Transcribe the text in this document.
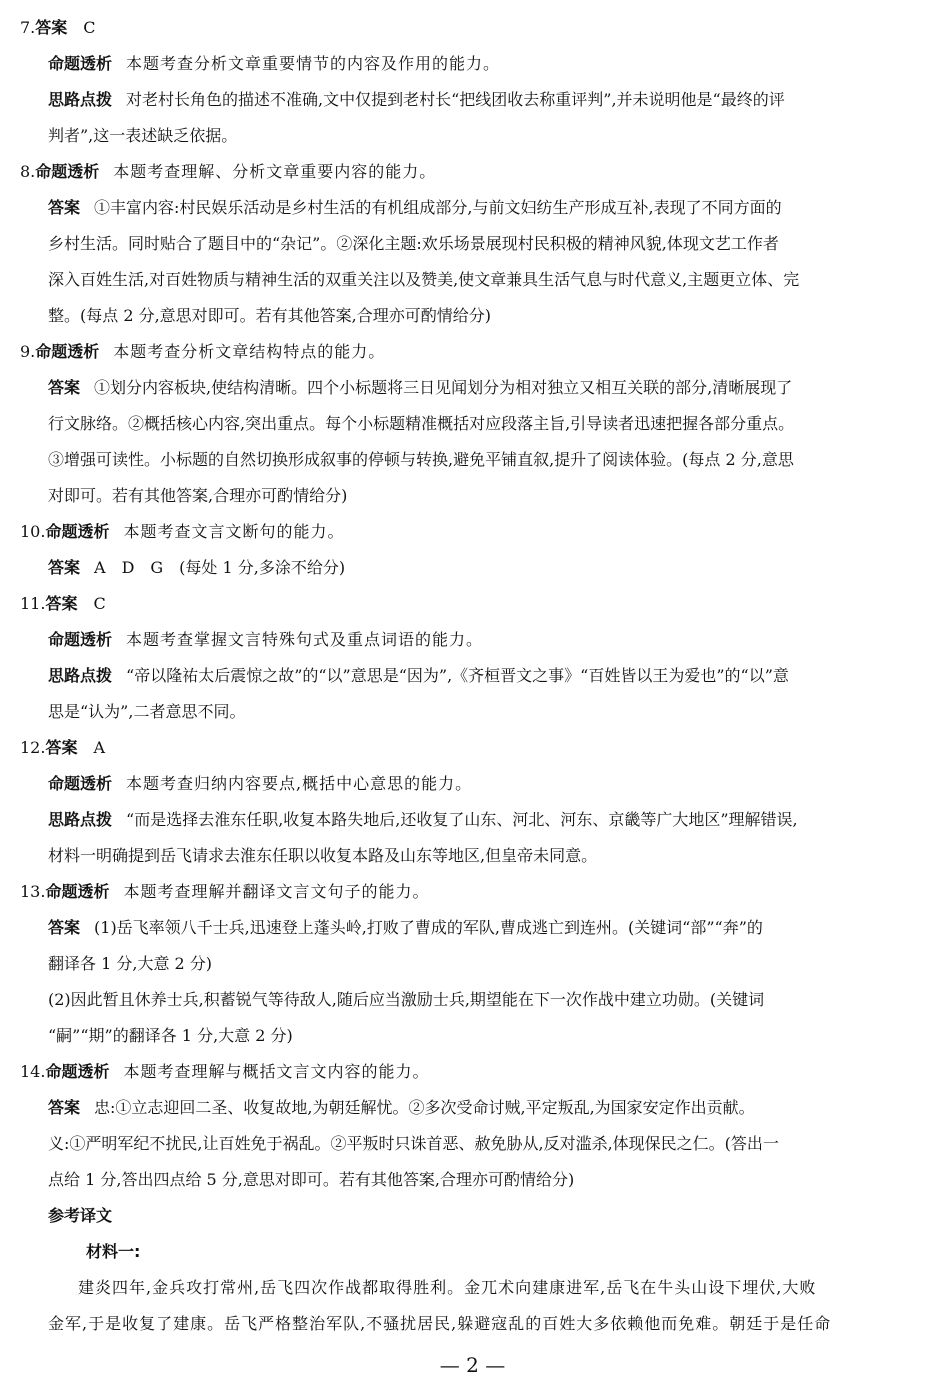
7.答案 C
命题透析 本题考查分析文章重要情节的内容及作用的能力。
思路点拨 对老村长角色的描述不准确,文中仅提到老村长“把线团收去称重评判”,并未说明他是“最终的评
判者”,这一表述缺乏依据。
8.命题透析 本题考查理解、分析文章重要内容的能力。
答案 ①丰富内容:村民娱乐活动是乡村生活的有机组成部分,与前文妇纺生产形成互补,表现了不同方面的
乡村生活。同时贴合了题目中的“杂记”。②深化主题:欢乐场景展现村民积极的精神风貌,体现文艺工作者
深入百姓生活,对百姓物质与精神生活的双重关注以及赞美,使文章兼具生活气息与时代意义,主题更立体、完
整。(每点 2 分,意思对即可。若有其他答案,合理亦可酌情给分)
9.命题透析 本题考查分析文章结构特点的能力。
答案 ①划分内容板块,使结构清晰。四个小标题将三日见闻划分为相对独立又相互关联的部分,清晰展现了
行文脉络。②概括核心内容,突出重点。每个小标题精准概括对应段落主旨,引导读者迅速把握各部分重点。
③增强可读性。小标题的自然切换形成叙事的停顿与转换,避免平铺直叙,提升了阅读体验。(每点 2 分,意思
对即可。若有其他答案,合理亦可酌情给分)
10.命题透析 本题考查文言文断句的能力。
答案 A　D　G　(每处 1 分,多涂不给分)
11.答案 C
命题透析 本题考查掌握文言特殊句式及重点词语的能力。
思路点拨 “帝以隆祐太后震惊之故”的“以”意思是“因为”,《齐桓晋文之事》“百姓皆以王为爱也”的“以”意
思是“认为”,二者意思不同。
12.答案 A
命题透析 本题考查归纳内容要点,概括中心意思的能力。
思路点拨 “而是选择去淮东任职,收复本路失地后,还收复了山东、河北、河东、京畿等广大地区”理解错误,
材料一明确提到岳飞请求去淮东任职以收复本路及山东等地区,但皇帝未同意。
13.命题透析 本题考查理解并翻译文言文句子的能力。
答案 (1)岳飞率领八千士兵,迅速登上蓬头岭,打败了曹成的军队,曹成逃亡到连州。(关键词“部”“奔”的
翻译各 1 分,大意 2 分)
(2)因此暂且休养士兵,积蓄锐气等待敌人,随后应当激励士兵,期望能在下一次作战中建立功勋。(关键词
“嗣”“期”的翻译各 1 分,大意 2 分)
14.命题透析 本题考查理解与概括文言文内容的能力。
答案 忠:①立志迎回二圣、收复故地,为朝廷解忧。②多次受命讨贼,平定叛乱,为国家安定作出贡献。
义:①严明军纪不扰民,让百姓免于祸乱。②平叛时只诛首恶、赦免胁从,反对滥杀,体现保民之仁。(答出一
点给 1 分,答出四点给 5 分,意思对即可。若有其他答案,合理亦可酌情给分)
参考译文
材料一:
建炎四年,金兵攻打常州,岳飞四次作战都取得胜利。金兀术向建康进军,岳飞在牛头山设下埋伏,大败
金军,于是收复了建康。岳飞严格整治军队,不骚扰居民,躲避寇乱的百姓大多依赖他而免难。朝廷于是任命
— 2 —
